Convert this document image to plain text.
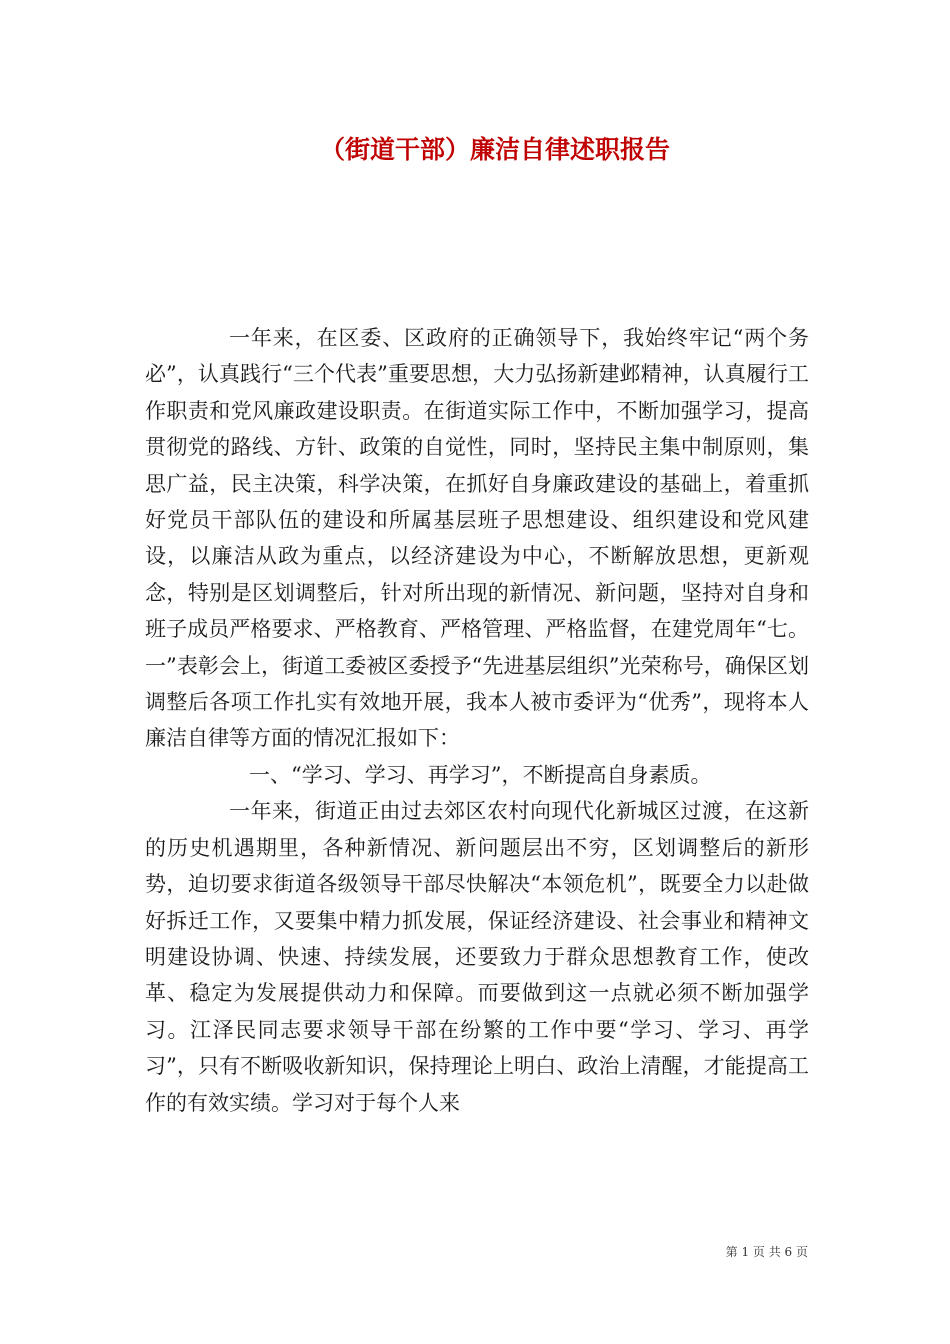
（街道干部）廉洁自律述职报告

一年来，在区委、区政府的正确领导下，我始终牢记“两个务必”，认真践行“三个代表”重要思想，大力弘扬新建邺精神，认真履行工作职责和党风廉政建设职责。在街道实际工作中，不断加强学习，提高贯彻党的路线、方针、政策的自觉性，同时，坚持民主集中制原则，集思广益，民主决策，科学决策，在抓好自身廉政建设的基础上，着重抓好党员干部队伍的建设和所属基层班子思想建设、组织建设和党风建设，以廉洁从政为重点，以经济建设为中心，不断解放思想，更新观念，特别是区划调整后，针对所出现的新情况、新问题，坚持对自身和班子成员严格要求、严格教育、严格管理、严格监督，在建党周年“七。一”表彰会上，街道工委被区委授予“先进基层组织”光荣称号，确保区划调整后各项工作扎实有效地开展，我本人被市委评为“优秀”，现将本人廉洁自律等方面的情况汇报如下：

一、“学习、学习、再学习”，不断提高自身素质。

一年来，街道正由过去郊区农村向现代化新城区过渡，在这新的历史机遇期里，各种新情况、新问题层出不穷，区划调整后的新形势，迫切要求街道各级领导干部尽快解决“本领危机”，既要全力以赴做好拆迁工作，又要集中精力抓发展，保证经济建设、社会事业和精神文明建设协调、快速、持续发展，还要致力于群众思想教育工作，使改革、稳定为发展提供动力和保障。而要做到这一点就必须不断加强学习。江泽民同志要求领导干部在纷繁的工作中要“学习、学习、再学习”，只有不断吸收新知识，保持理论上明白、政治上清醒，才能提高工作的有效实绩。学习对于每个人来

第 1 页 共 6 页
